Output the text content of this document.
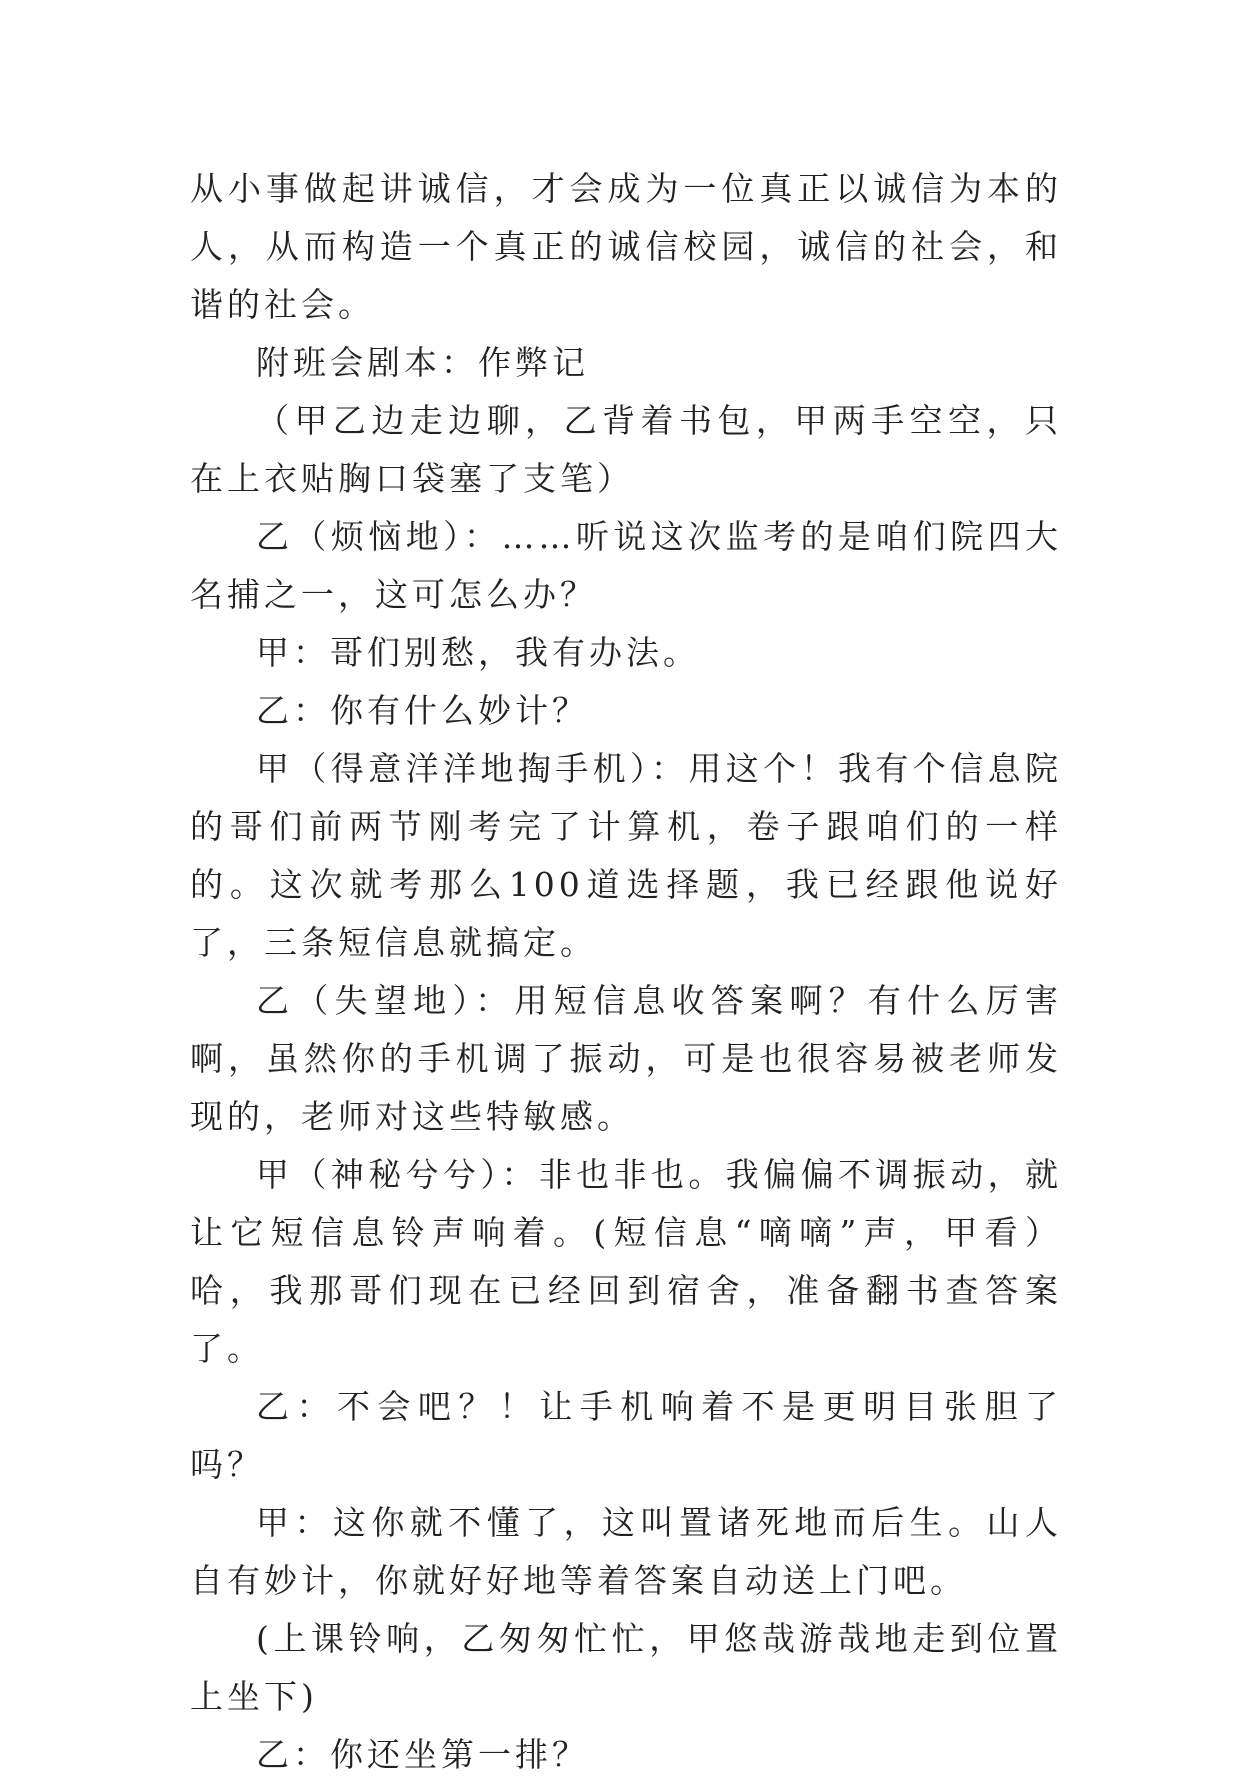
从小事做起讲诚信，才会成为一位真正以诚信为本的人，从而构造一个真正的诚信校园，诚信的社会，和谐的社会。

附班会剧本：作弊记

（甲乙边走边聊，乙背着书包，甲两手空空，只在上衣贴胸口袋塞了支笔）

乙（烦恼地）：……听说这次监考的是咱们院四大名捕之一，这可怎么办？

甲：哥们别愁，我有办法。

乙：你有什么妙计？

甲（得意洋洋地掏手机）：用这个！我有个信息院的哥们前两节刚考完了计算机，卷子跟咱们的一样的。这次就考那么100道选择题，我已经跟他说好了，三条短信息就搞定。

乙（失望地）：用短信息收答案啊？有什么厉害啊，虽然你的手机调了振动，可是也很容易被老师发现的，老师对这些特敏感。

甲（神秘兮兮）：非也非也。我偏偏不调振动，就让它短信息铃声响着。(短信息“嘀嘀”声，甲看）哈，我那哥们现在已经回到宿舍，准备翻书查答案了。

乙：不会吧？！让手机响着不是更明目张胆了吗？

甲：这你就不懂了，这叫置诸死地而后生。山人自有妙计，你就好好地等着答案自动送上门吧。

(上课铃响，乙匆匆忙忙，甲悠哉游哉地走到位置上坐下)

乙：你还坐第一排？
